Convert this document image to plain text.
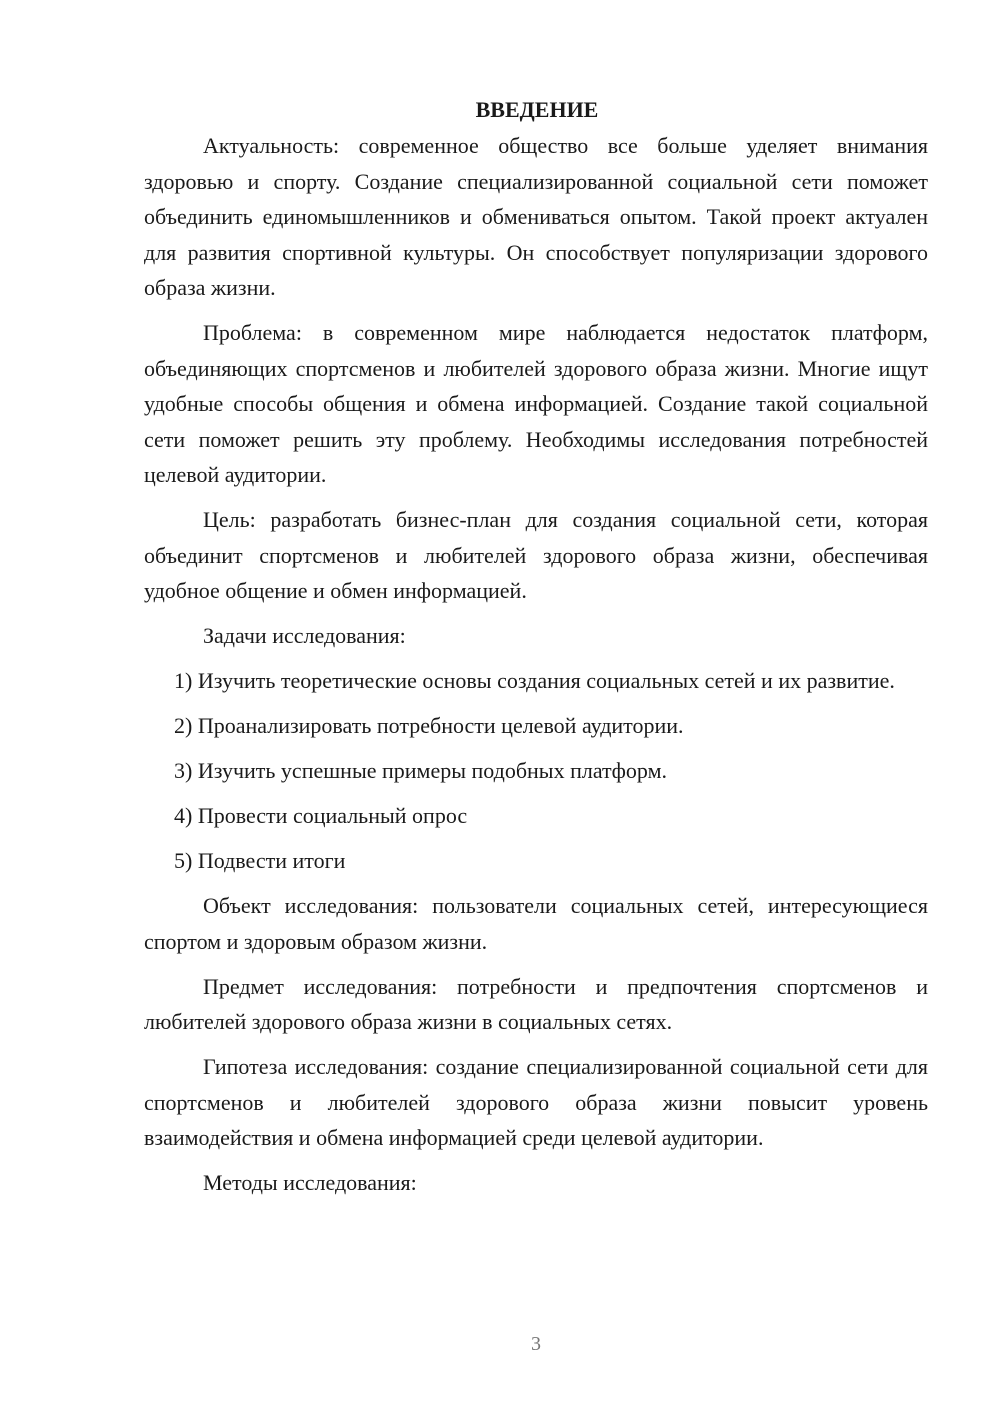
ВВЕДЕНИЕ

Актуальность: современное общество все больше уделяет внимания здоровью и спорту. Создание специализированной социальной сети поможет объединить единомышленников и обмениваться опытом. Такой проект актуален для развития спортивной культуры. Он способствует популяризации здорового образа жизни.

Проблема: в современном мире наблюдается недостаток платформ, объединяющих спортсменов и любителей здорового образа жизни. Многие ищут удобные способы общения и обмена информацией. Создание такой социальной сети поможет решить эту проблему. Необходимы исследования потребностей целевой аудитории.

Цель: разработать бизнес-план для создания социальной сети, которая объединит спортсменов и любителей здорового образа жизни, обеспечивая удобное общение и обмен информацией.

Задачи исследования:

1) Изучить теоретические основы создания социальных сетей и их развитие.

2) Проанализировать потребности целевой аудитории.

3) Изучить успешные примеры подобных платформ.

4) Провести социальный опрос

5) Подвести итоги

Объект исследования: пользователи социальных сетей, интересующиеся спортом и здоровым образом жизни.

Предмет исследования: потребности и предпочтения спортсменов и любителей здорового образа жизни в социальных сетях.

Гипотеза исследования: создание специализированной социальной сети для спортсменов и любителей здорового образа жизни повысит уровень взаимодействия и обмена информацией среди целевой аудитории.

Методы исследования:

3
